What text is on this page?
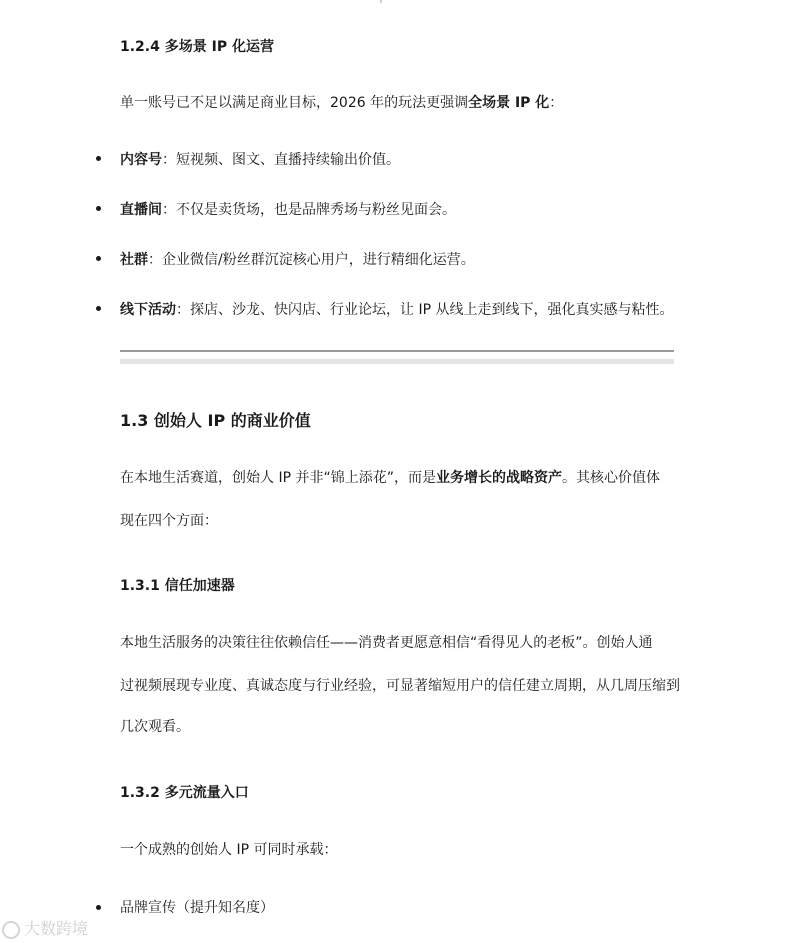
1.2.4 多场景 IP 化运营
单一账号已不足以满足商业目标，2026 年的玩法更强调全场景 IP 化：
内容号：短视频、图文、直播持续输出价值。
直播间：不仅是卖货场，也是品牌秀场与粉丝见面会。
社群：企业微信/粉丝群沉淀核心用户，进行精细化运营。
线下活动：探店、沙龙、快闪店、行业论坛，让 IP 从线上走到线下，强化真实感与粘性。
1.3 创始人 IP 的商业价值
在本地生活赛道，创始人 IP 并非“锦上添花”，而是业务增长的战略资产。其核心价值体
现在四个方面：
1.3.1 信任加速器
本地生活服务的决策往往依赖信任——消费者更愿意相信“看得见人的老板”。创始人通
过视频展现专业度、真诚态度与行业经验，可显著缩短用户的信任建立周期，从几周压缩到
几次观看。
1.3.2 多元流量入口
一个成熟的创始人 IP 可同时承载：
品牌宣传（提升知名度）
大数跨境
